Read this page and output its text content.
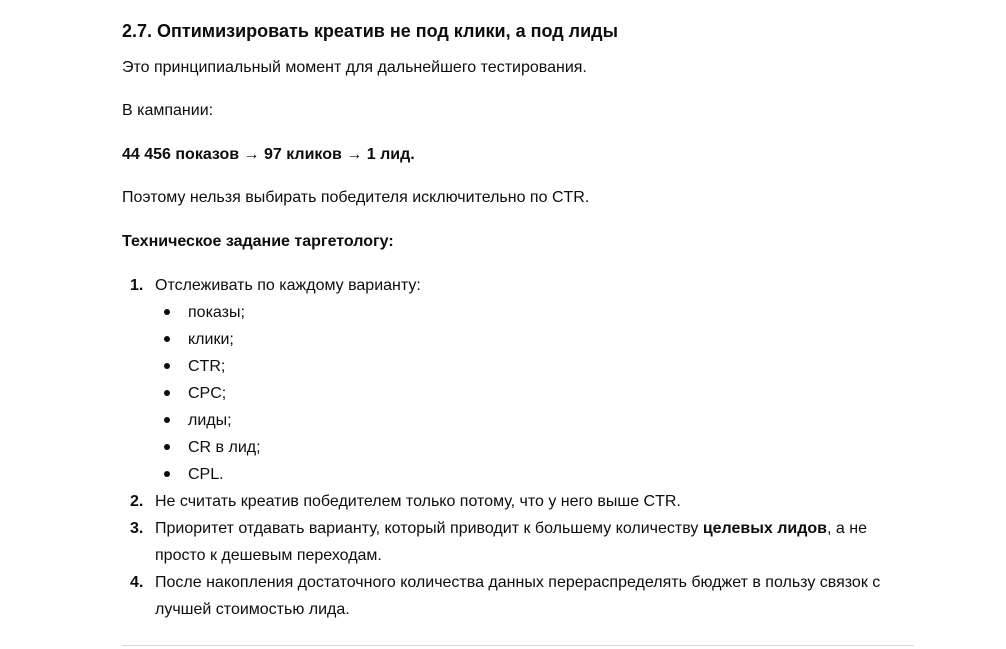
2.7. Оптимизировать креатив не под клики, а под лиды

Это принципиальный момент для дальнейшего тестирования.

В кампании:

44 456 показов → 97 кликов → 1 лид.

Поэтому нельзя выбирать победителя исключительно по CTR.

Техническое задание таргетологу:

1. Отслеживать по каждому варианту:
показы;
клики;
CTR;
CPC;
лиды;
CR в лид;
CPL.
2. Не считать креатив победителем только потому, что у него выше CTR.
3. Приоритет отдавать варианту, который приводит к большему количеству целевых лидов, а не просто к дешевым переходам.
4. После накопления достаточного количества данных перераспределять бюджет в пользу связок с лучшей стоимостью лида.
